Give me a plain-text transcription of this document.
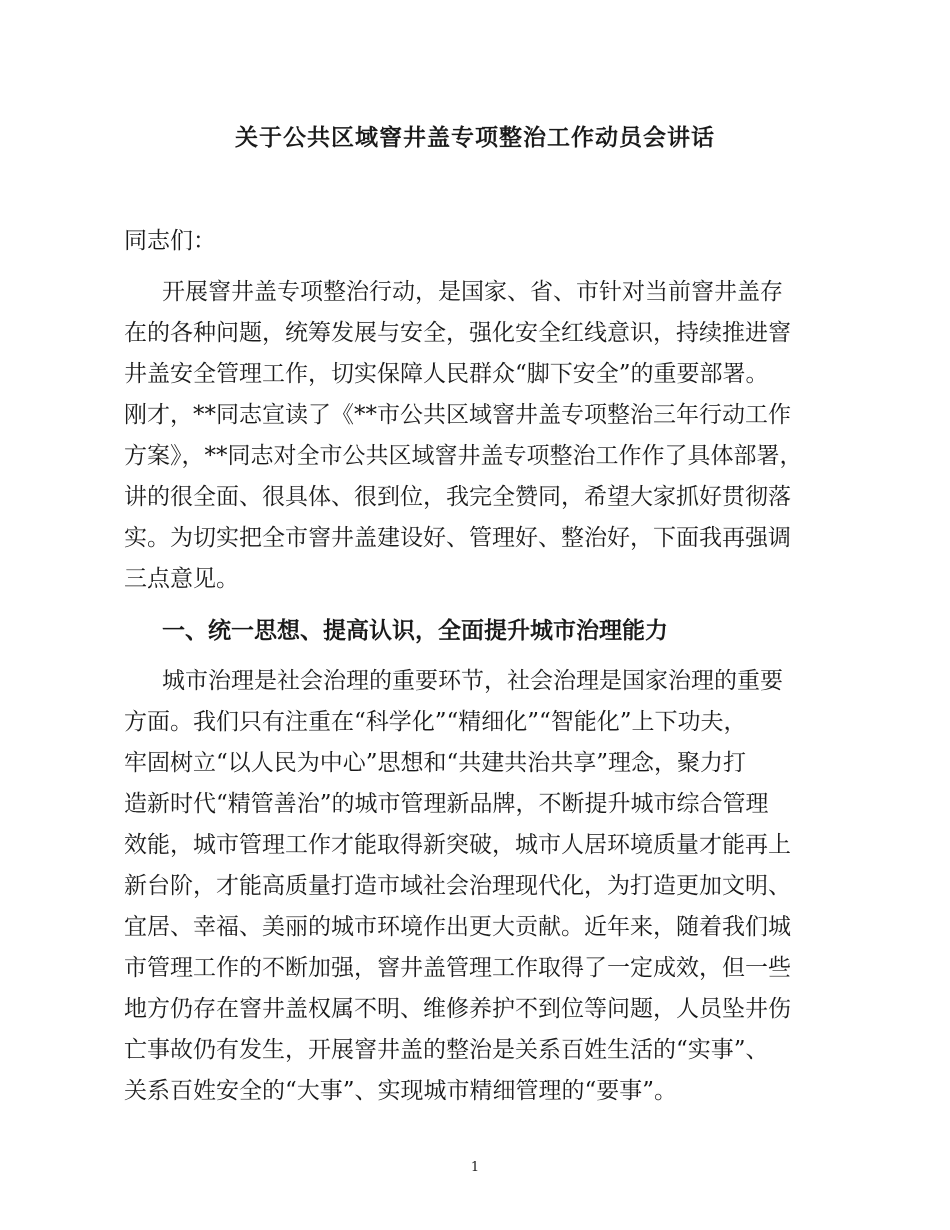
关于公共区域窨井盖专项整治工作动员会讲话

同志们：

开展窨井盖专项整治行动，是国家、省、市针对当前窨井盖存
在的各种问题，统筹发展与安全，强化安全红线意识，持续推进窨
井盖安全管理工作，切实保障人民群众“脚下安全”的重要部署。
刚才，**同志宣读了《**市公共区域窨井盖专项整治三年行动工作
方案》，**同志对全市公共区域窨井盖专项整治工作作了具体部署，
讲的很全面、很具体、很到位，我完全赞同，希望大家抓好贯彻落
实。为切实把全市窨井盖建设好、管理好、整治好，下面我再强调
三点意见。

一、统一思想、提高认识，全面提升城市治理能力

城市治理是社会治理的重要环节，社会治理是国家治理的重要
方面。我们只有注重在“科学化”“精细化”“智能化”上下功夫，
牢固树立“以人民为中心”思想和“共建共治共享”理念，聚力打
造新时代“精管善治”的城市管理新品牌，不断提升城市综合管理
效能，城市管理工作才能取得新突破，城市人居环境质量才能再上
新台阶，才能高质量打造市域社会治理现代化，为打造更加文明、
宜居、幸福、美丽的城市环境作出更大贡献。近年来，随着我们城
市管理工作的不断加强，窨井盖管理工作取得了一定成效，但一些
地方仍存在窨井盖权属不明、维修养护不到位等问题，人员坠井伤
亡事故仍有发生，开展窨井盖的整治是关系百姓生活的“实事”、
关系百姓安全的“大事”、实现城市精细管理的“要事”。

1
